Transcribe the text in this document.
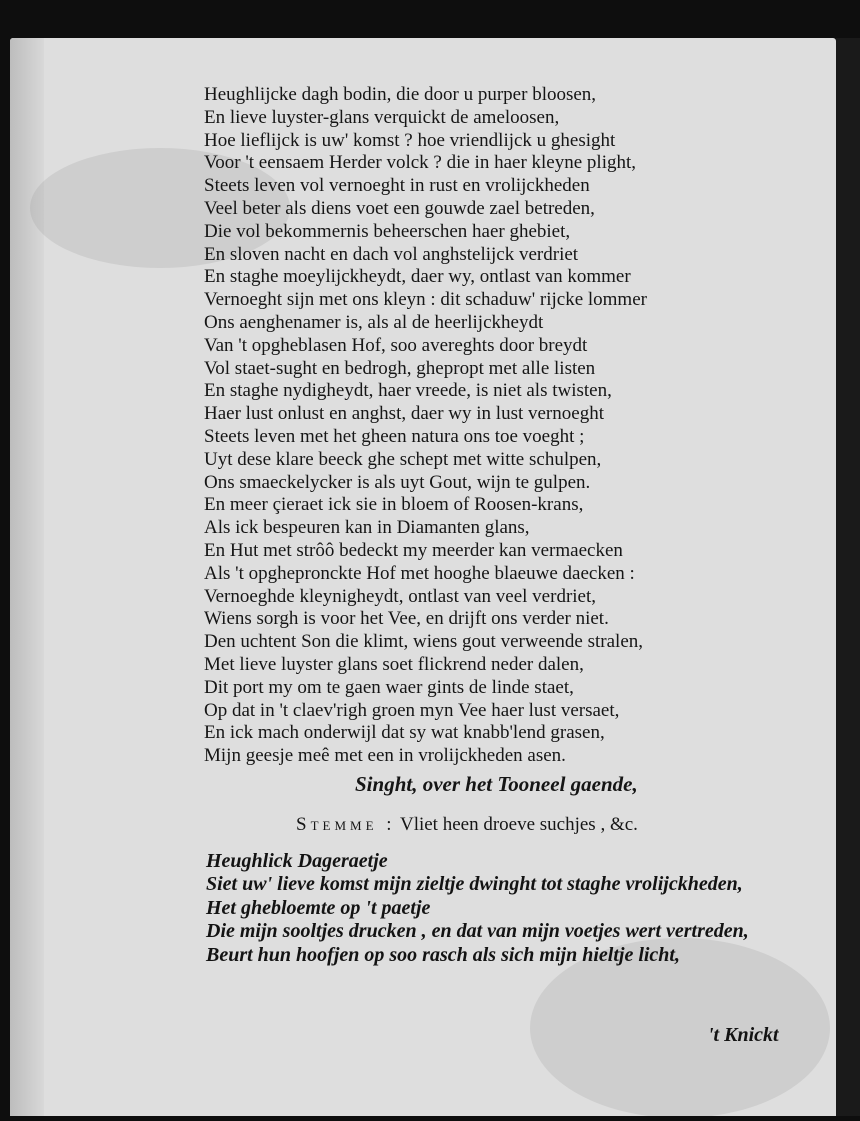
Heughlijcke dagh bodin, die door u purper bloosen,
En lieve luyster-glans verquickt de ameloosen,
Hoe lieflijck is uw' komst ? hoe vriendlijck u ghesight
Voor 't eensaem Herder volck ? die in haer kleyne plight,
Steets leven vol vernoeght in rust en vrolijckheden
Veel beter als diens voet een gouwde zael betreden,
Die vol bekommernis beheerschen haer ghebiet,
En sloven nacht en dach vol anghstelijck verdriet
En staghe moeylijckheydt, daer wy, ontlast van kommer
Vernoeght sijn met ons kleyn : dit schaduw' rijcke lommer
Ons aenghenamer is, als al de heerlijckheydt
Van 't opgheblasen Hof, soo avereghts door breydt
Vol staet-sught en bedrogh, ghepropt met alle listen
En staghe nydigheydt, haer vreede, is niet als twisten,
Haer lust onlust en anghst, daer wy in lust vernoeght
Steets leven met het gheen natura ons toe voeght ;
Uyt dese klare beeck ghe schept met witte schulpen,
Ons smaeckelycker is als uyt Gout, wijn te gulpen.
En meer çieraet ick sie in bloem of Roosen-krans,
Als ick bespeuren kan in Diamanten glans,
En Hut met strôô bedeckt my meerder kan vermaecken
Als 't opghepronckte Hof met hooghe blaeuwe daecken :
Vernoeghde kleynigheydt, ontlast van veel verdriet,
Wiens sorgh is voor het Vee, en drijft ons verder niet.
Den uchtent Son die klimt, wiens gout verweende stralen,
Met lieve luyster glans soet flickrend neder dalen,
Dit port my om te gaen waer gints de linde staet,
Op dat in 't claev'righ groen myn Vee haer lust versaet,
En ick mach onderwijl dat sy wat knabb'lend grasen,
Mijn geesje meê met een in vrolijckheden asen.
Singht, over het Tooneel gaende,
Stemme : Vliet heen droeve suchjes , &c.
Heughlick Dageraetje
Siet uw' lieve komst mijn zieltje dwinght tot staghe vrolijckheden,
Het ghebloemte op 't paetje
Die mijn sooltjes drucken , en dat van mijn voetjes wert vertreden,
Beurt hun hoofjen op soo rasch als sich mijn hieltje licht,
't Knickt
